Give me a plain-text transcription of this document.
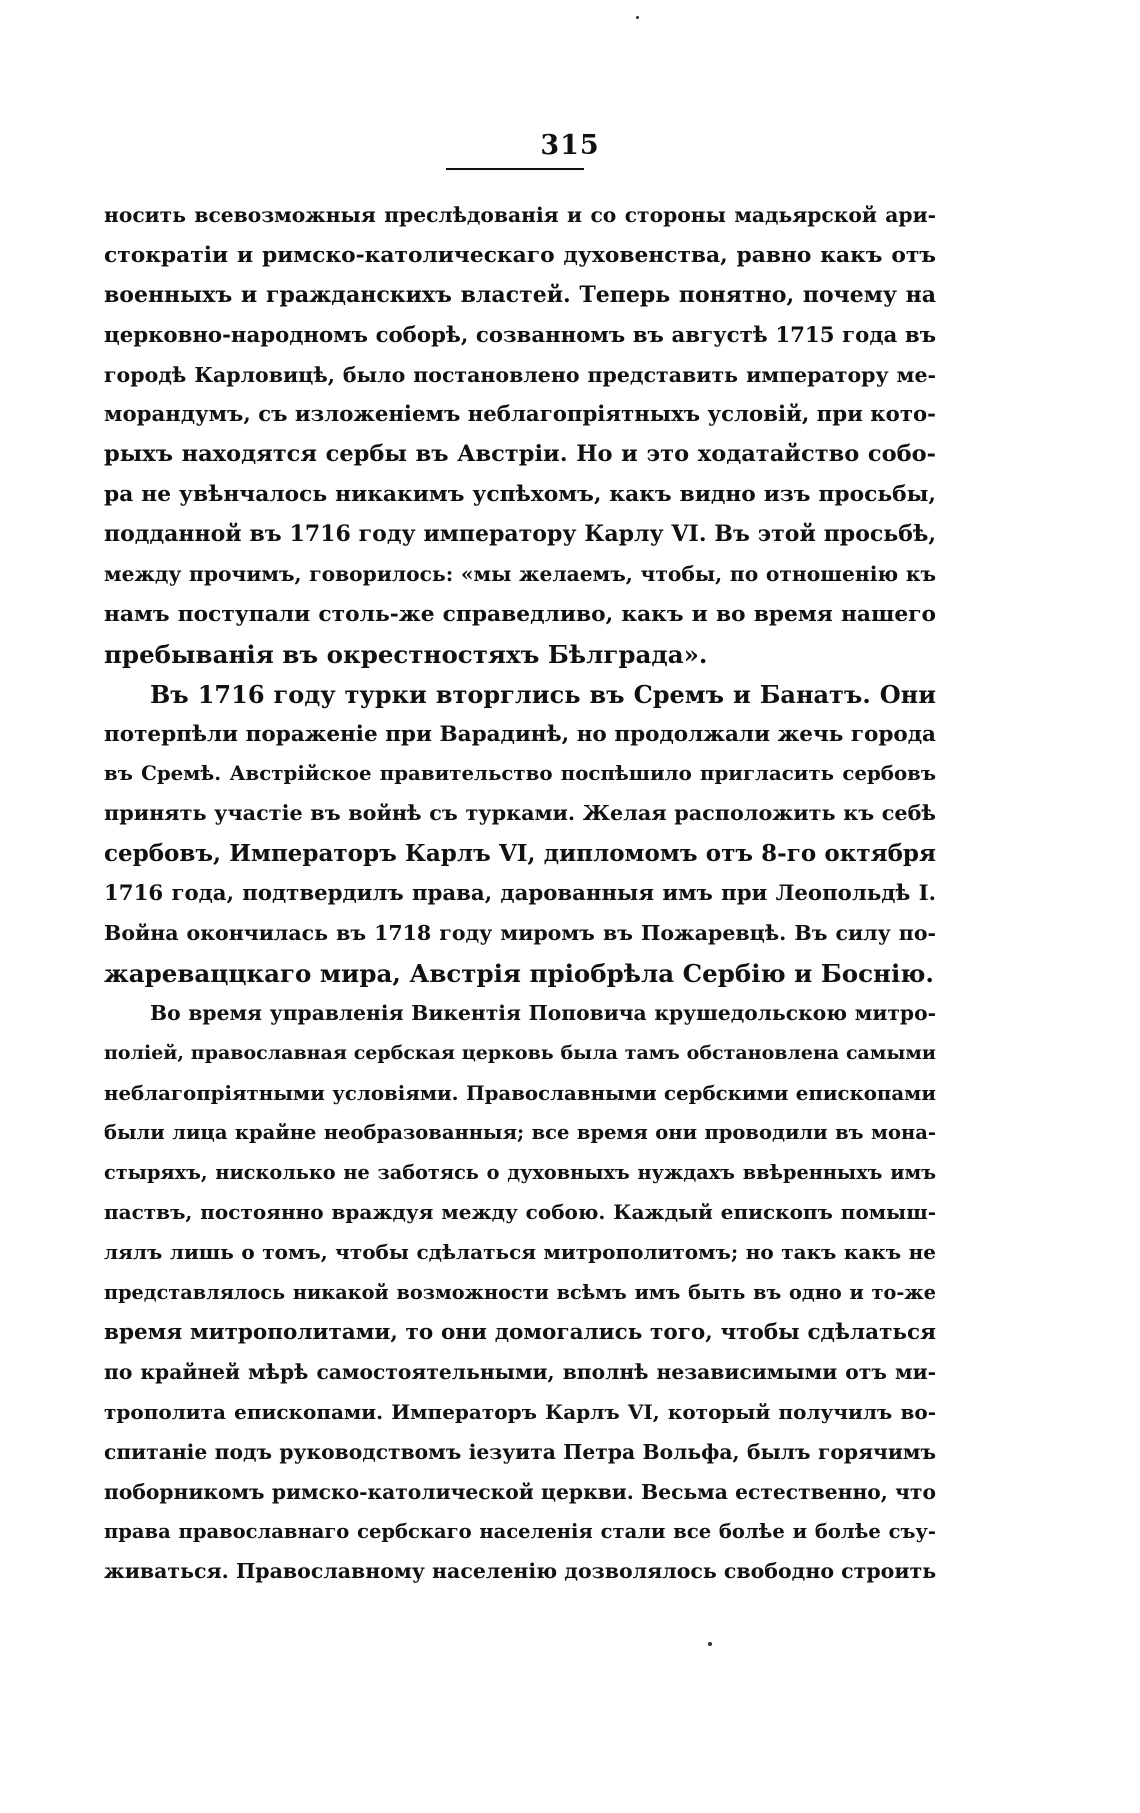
315
носить всевозможныя преслѣдованія и со стороны мадьярской ари-
стократіи и римско-католическаго духовенства, равно какъ отъ
военныхъ и гражданскихъ властей. Теперь понятно, почему на
церковно-народномъ соборѣ, созванномъ въ августѣ 1715 года въ
городѣ Карловицѣ, было постановлено представить императору ме-
морандумъ, съ изложеніемъ неблагопріятныхъ условій, при кото-
рыхъ находятся сербы въ Австріи. Но и это ходатайство собо-
ра не увѣнчалось никакимъ успѣхомъ, какъ видно изъ просьбы,
подданной въ 1716 году императору Карлу VI. Въ этой просьбѣ,
между прочимъ, говорилось: «мы желаемъ, чтобы, по отношенію къ
намъ поступали столь-же справедливо, какъ и во время нашего
пребыванія въ окрестностяхъ Бѣлграда».
Въ 1716 году турки вторглись въ Сремъ и Банатъ. Они
потерпѣли пораженіе при Варадинѣ, но продолжали жечь города
въ Сремѣ. Австрійское правительство поспѣшило пригласить сербовъ
принять участіе въ войнѣ съ турками. Желая расположить къ себѣ
сербовъ, Императоръ Карлъ VI, дипломомъ отъ 8-го октября
1716 года, подтвердилъ права, дарованныя имъ при Леопольдѣ I.
Война окончилась въ 1718 году миромъ въ Пожаревцѣ. Въ силу по-
жареваццкаго мира, Австрія пріобрѣла Сербію и Боснію.
Во время управленія Викентія Поповича крушедольскою митро-
поліей, православная сербская церковь была тамъ обстановлена самыми
неблагопріятными условіями. Православными сербскими епископами
были лица крайне необразованныя; все время они проводили въ мона-
стыряхъ, нисколько не заботясь о духовныхъ нуждахъ ввѣренныхъ имъ
паствъ, постоянно враждуя между собою. Каждый епископъ помыш-
лялъ лишь о томъ, чтобы сдѣлаться митрополитомъ; но такъ какъ не
представлялось никакой возможности всѣмъ имъ быть въ одно и то-же
время митрополитами, то они домогались того, чтобы сдѣлаться
по крайней мѣрѣ самостоятельными, вполнѣ независимыми отъ ми-
трополита епископами. Императоръ Карлъ VI, который получилъ во-
спитаніе подъ руководствомъ іезуита Петра Вольфа, былъ горячимъ
поборникомъ римско-католической церкви. Весьма естественно, что
права православнаго сербскаго населенія стали все болѣе и болѣе съу-
живаться. Православному населенію дозволялось свободно строить
